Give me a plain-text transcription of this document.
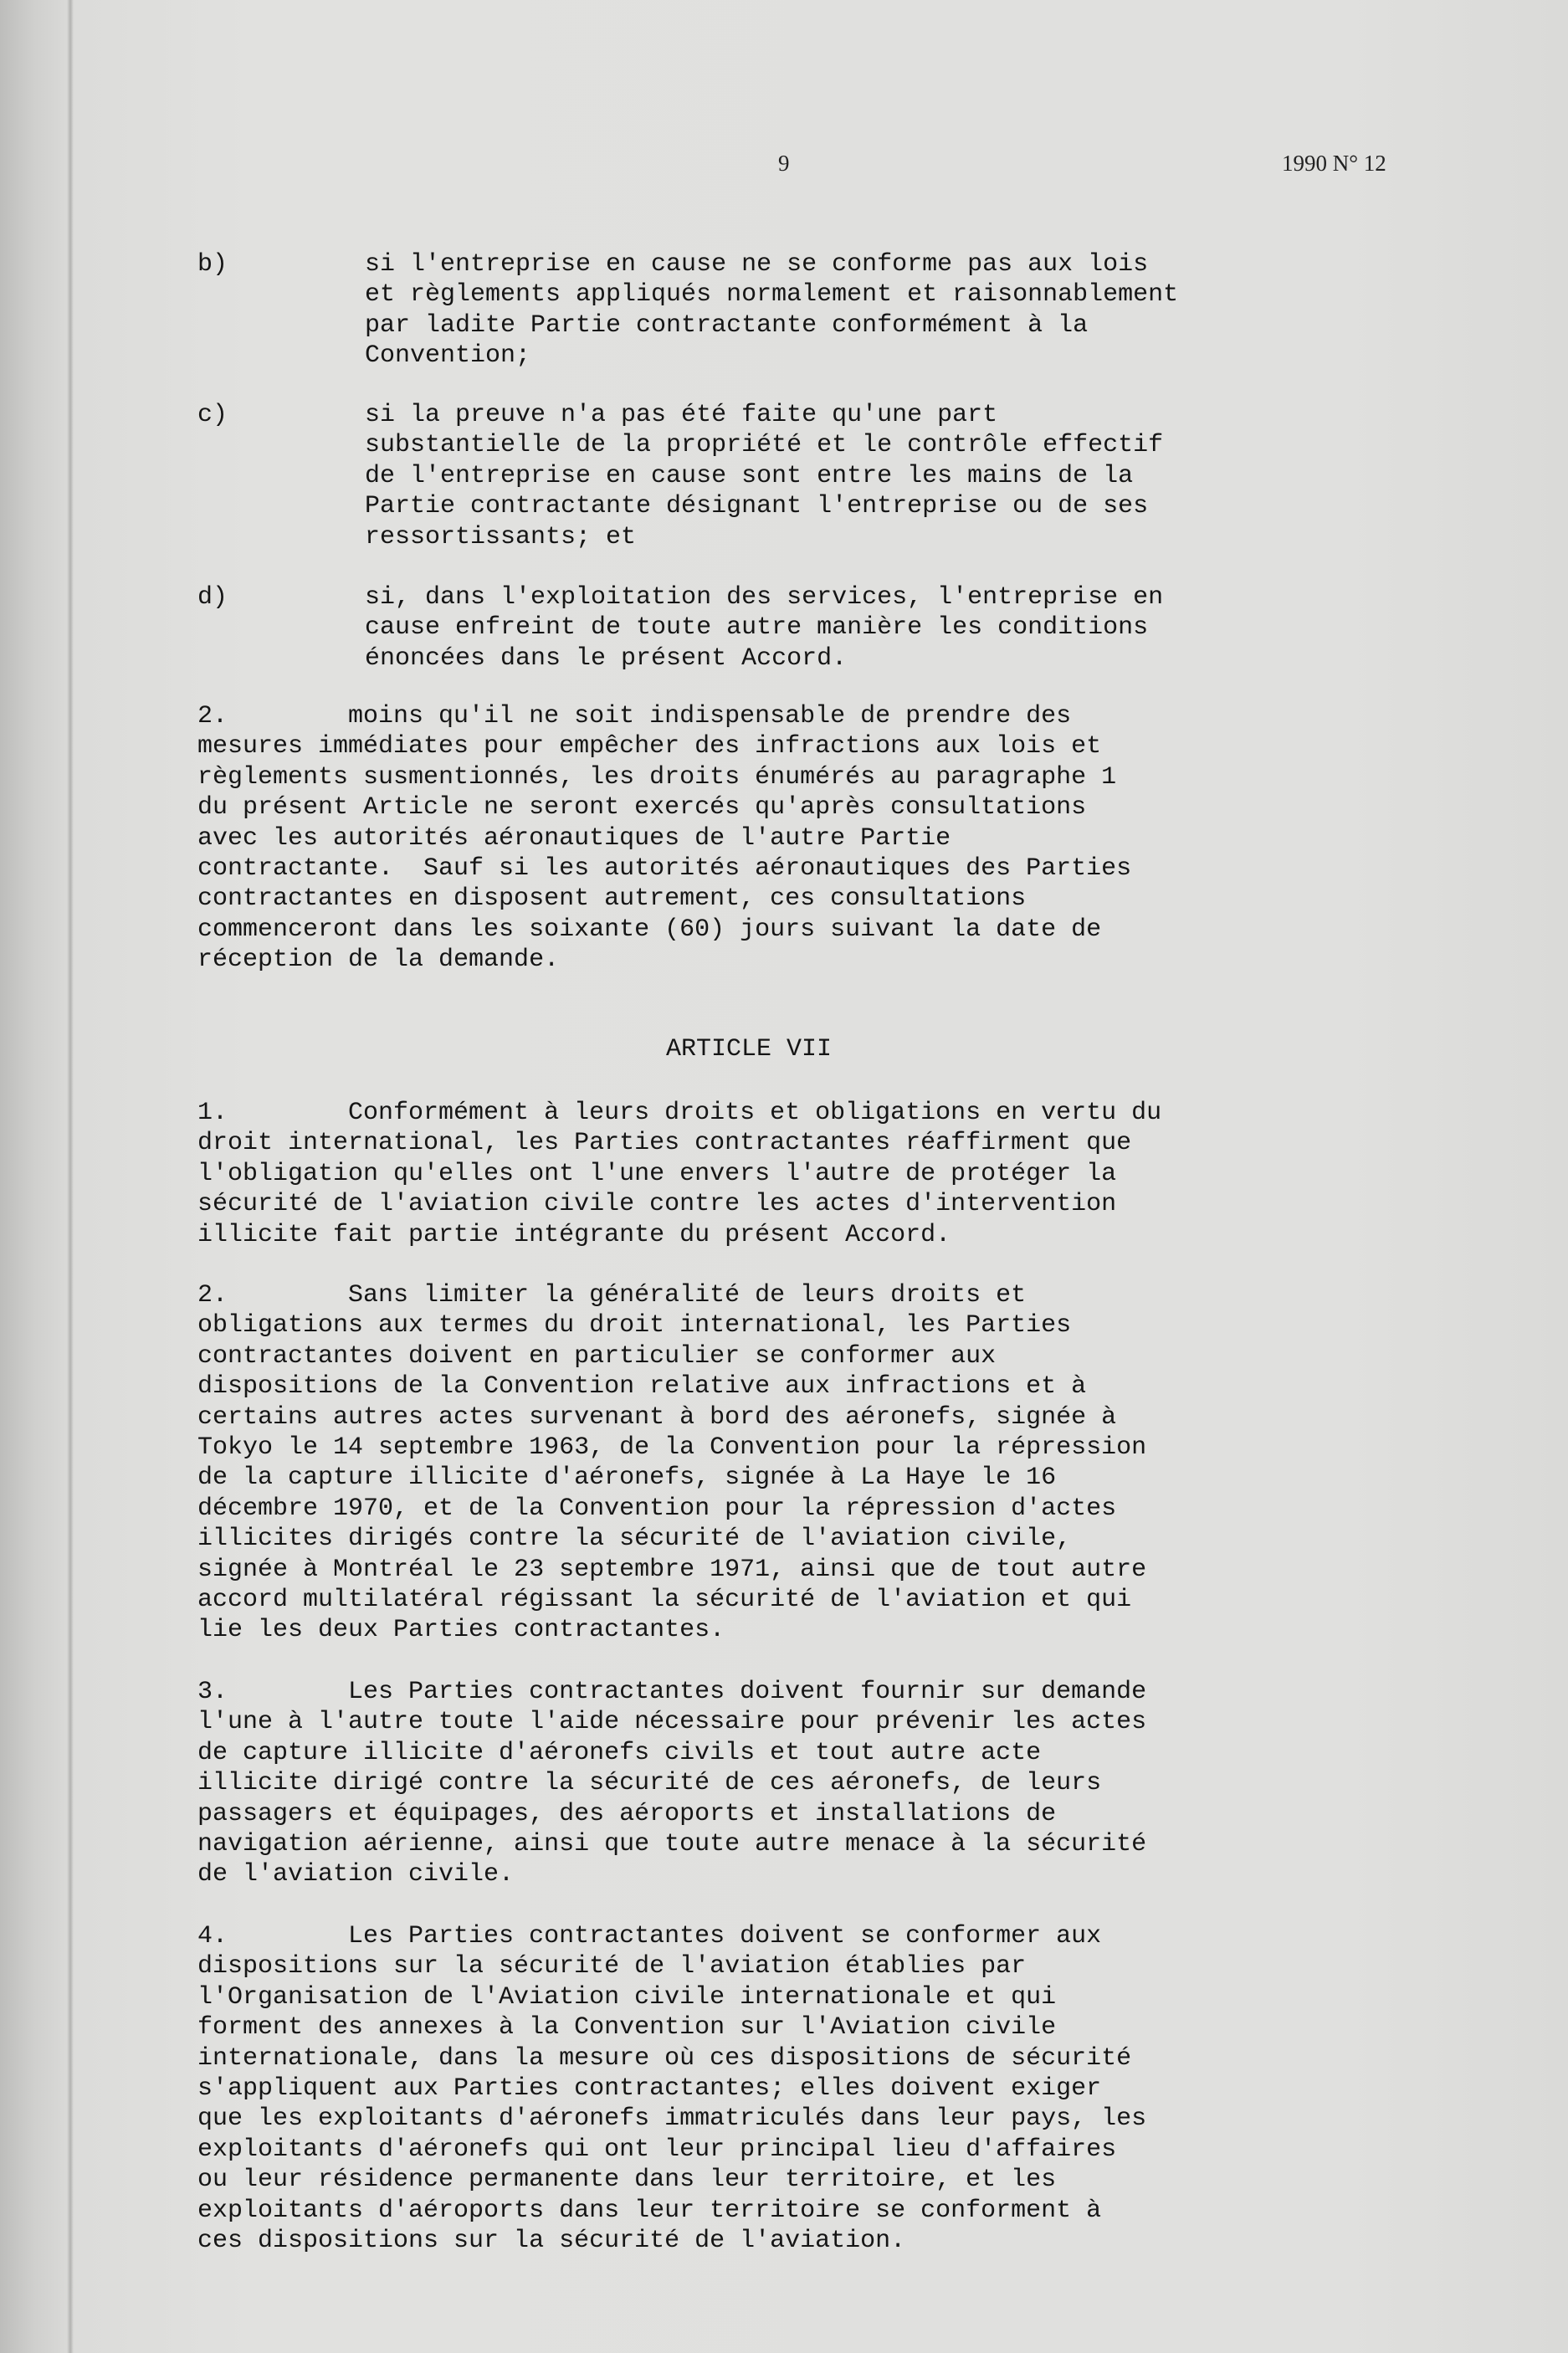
9	1990 N° 12
b)	si l'entreprise en cause ne se conforme pas aux lois
et règlements appliqués normalement et raisonnablement
par ladite Partie contractante conformément à la
Convention;
c)	si la preuve n'a pas été faite qu'une part
substantielle de la propriété et le contrôle effectif
de l'entreprise en cause sont entre les mains de la
Partie contractante désignant l'entreprise ou de ses
ressortissants; et
d)	si, dans l'exploitation des services, l'entreprise en
cause enfreint de toute autre manière les conditions
énoncées dans le présent Accord.
2.        moins qu'il ne soit indispensable de prendre des
mesures immédiates pour empêcher des infractions aux lois et
règlements susmentionnés, les droits énumérés au paragraphe 1
du présent Article ne seront exercés qu'après consultations
avec les autorités aéronautiques de l'autre Partie
contractante.  Sauf si les autorités aéronautiques des Parties
contractantes en disposent autrement, ces consultations
commenceront dans les soixante (60) jours suivant la date de
réception de la demande.
ARTICLE VII
1.        Conformément à leurs droits et obligations en vertu du
droit international, les Parties contractantes réaffirment que
l'obligation qu'elles ont l'une envers l'autre de protéger la
sécurité de l'aviation civile contre les actes d'intervention
illicite fait partie intégrante du présent Accord.
2.        Sans limiter la généralité de leurs droits et
obligations aux termes du droit international, les Parties
contractantes doivent en particulier se conformer aux
dispositions de la Convention relative aux infractions et à
certains autres actes survenant à bord des aéronefs, signée à
Tokyo le 14 septembre 1963, de la Convention pour la répression
de la capture illicite d'aéronefs, signée à La Haye le 16
décembre 1970, et de la Convention pour la répression d'actes
illicites dirigés contre la sécurité de l'aviation civile,
signée à Montréal le 23 septembre 1971, ainsi que de tout autre
accord multilatéral régissant la sécurité de l'aviation et qui
lie les deux Parties contractantes.
3.        Les Parties contractantes doivent fournir sur demande
l'une à l'autre toute l'aide nécessaire pour prévenir les actes
de capture illicite d'aéronefs civils et tout autre acte
illicite dirigé contre la sécurité de ces aéronefs, de leurs
passagers et équipages, des aéroports et installations de
navigation aérienne, ainsi que toute autre menace à la sécurité
de l'aviation civile.
4.        Les Parties contractantes doivent se conformer aux
dispositions sur la sécurité de l'aviation établies par
l'Organisation de l'Aviation civile internationale et qui
forment des annexes à la Convention sur l'Aviation civile
internationale, dans la mesure où ces dispositions de sécurité
s'appliquent aux Parties contractantes; elles doivent exiger
que les exploitants d'aéronefs immatriculés dans leur pays, les
exploitants d'aéronefs qui ont leur principal lieu d'affaires
ou leur résidence permanente dans leur territoire, et les
exploitants d'aéroports dans leur territoire se conforment à
ces dispositions sur la sécurité de l'aviation.
